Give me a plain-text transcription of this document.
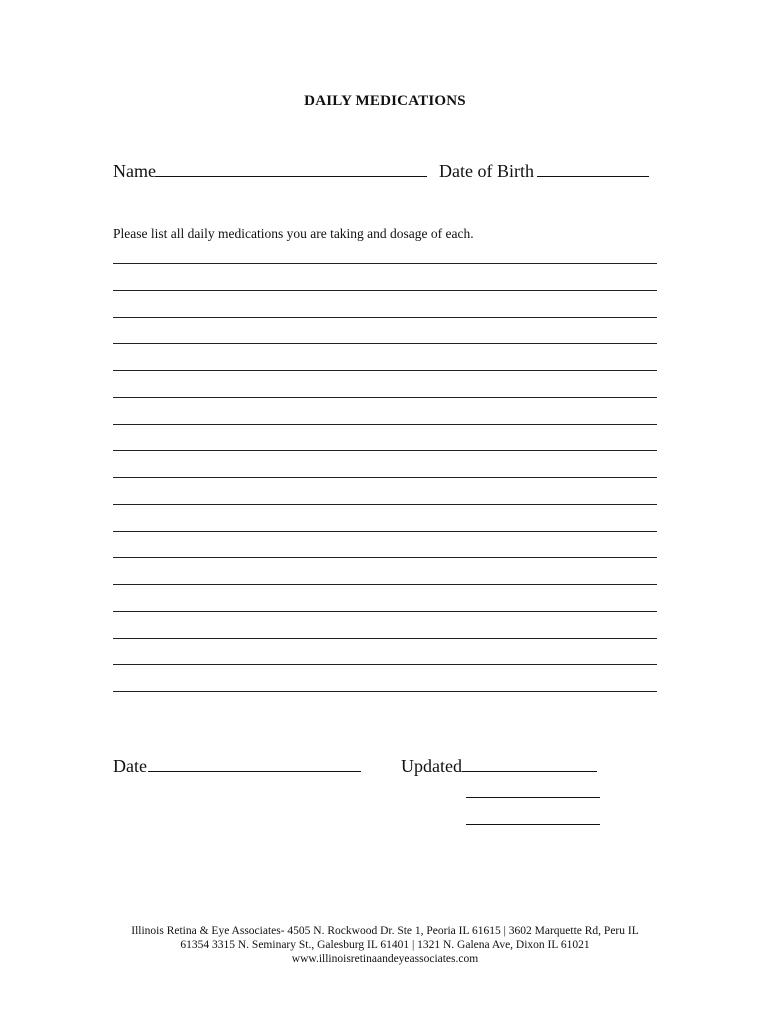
DAILY MEDICATIONS
Name	Date of Birth
Please list all daily medications you are taking and dosage of each.
Date	Updated
Illinois Retina & Eye Associates- 4505 N. Rockwood Dr. Ste 1, Peoria IL 61615 | 3602 Marquette Rd, Peru IL
61354 3315 N. Seminary St., Galesburg IL 61401 | 1321 N. Galena Ave, Dixon IL 61021
www.illinoisretinaandeyeassociates.com
